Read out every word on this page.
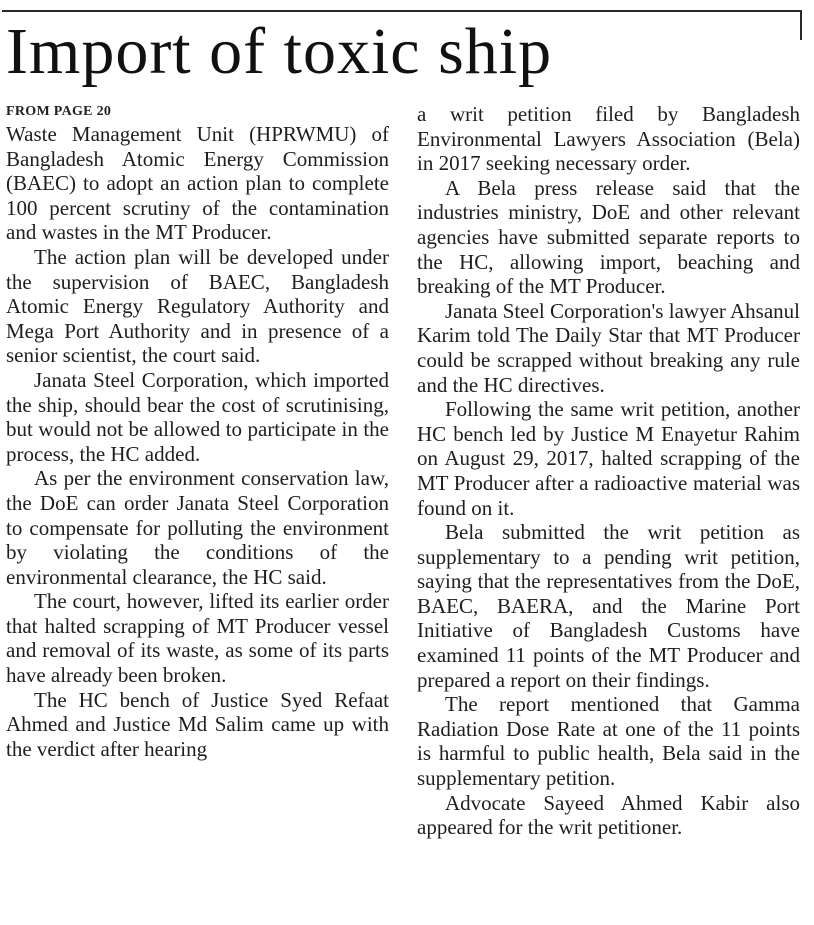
Import of toxic ship

FROM PAGE 20

Waste Management Unit (HPRWMU) of Bangladesh Atomic Energy Commission (BAEC) to adopt an action plan to complete 100 percent scrutiny of the contamination and wastes in the MT Producer.

The action plan will be developed under the supervision of BAEC, Bangladesh Atomic Energy Regulatory Authority and Mega Port Authority and in presence of a senior scientist, the court said.

Janata Steel Corporation, which imported the ship, should bear the cost of scrutinising, but would not be allowed to participate in the process, the HC added.

As per the environment conservation law, the DoE can order Janata Steel Corporation to compensate for polluting the environment by violating the conditions of the environmental clearance, the HC said.

The court, however, lifted its earlier order that halted scrapping of MT Producer vessel and removal of its waste, as some of its parts have already been broken.

The HC bench of Justice Syed Refaat Ahmed and Justice Md Salim came up with the verdict after hearing

a writ petition filed by Bangladesh Environmental Lawyers Association (Bela) in 2017 seeking necessary order.

A Bela press release said that the industries ministry, DoE and other relevant agencies have submitted separate reports to the HC, allowing import, beaching and breaking of the MT Producer.

Janata Steel Corporation's lawyer Ahsanul Karim told The Daily Star that MT Producer could be scrapped without breaking any rule and the HC directives.

Following the same writ petition, another HC bench led by Justice M Enayetur Rahim on August 29, 2017, halted scrapping of the MT Producer after a radioactive material was found on it.

Bela submitted the writ petition as supplementary to a pending writ petition, saying that the representatives from the DoE, BAEC, BAERA, and the Marine Port Initiative of Bangladesh Customs have examined 11 points of the MT Producer and prepared a report on their findings.

The report mentioned that Gamma Radiation Dose Rate at one of the 11 points is harmful to public health, Bela said in the supplementary petition.

Advocate Sayeed Ahmed Kabir also appeared for the writ petitioner.
